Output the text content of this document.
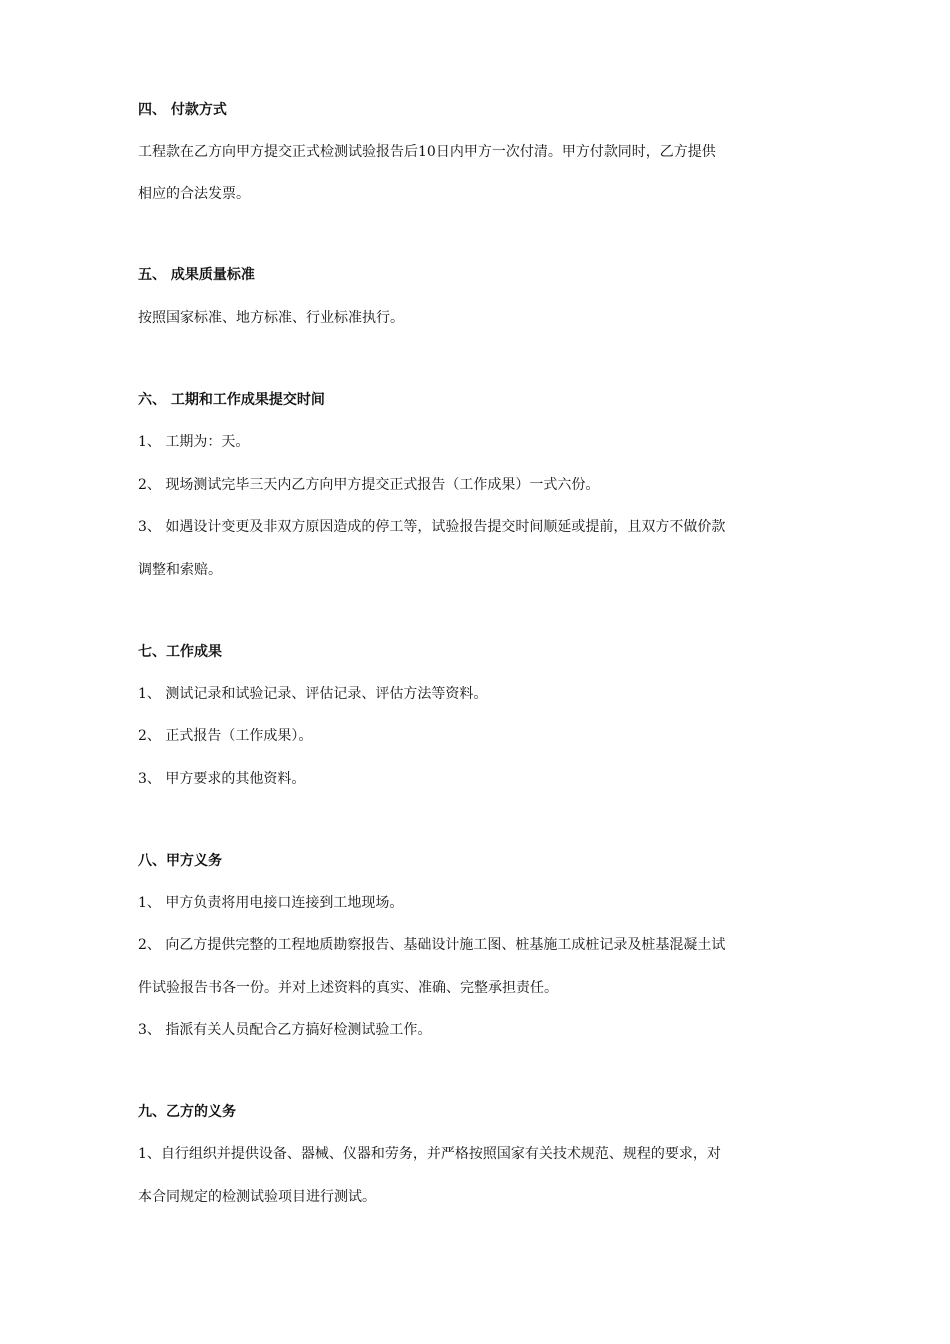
四、 付款方式
工程款在乙方向甲方提交正式检测试验报告后10日内甲方一次付清。甲方付款同时，乙方提供
相应的合法发票。
五、 成果质量标准
按照国家标准、地方标准、行业标准执行。
六、 工期和工作成果提交时间
1、 工期为：天。
2、 现场测试完毕三天内乙方向甲方提交正式报告（工作成果）一式六份。
3、 如遇设计变更及非双方原因造成的停工等，试验报告提交时间顺延或提前，且双方不做价款
调整和索赔。
七、工作成果
1、 测试记录和试验记录、评估记录、评估方法等资料。
2、 正式报告（工作成果）。
3、 甲方要求的其他资料。
八、甲方义务
1、 甲方负责将用电接口连接到工地现场。
2、 向乙方提供完整的工程地质勘察报告、基础设计施工图、桩基施工成桩记录及桩基混凝土试
件试验报告书各一份。并对上述资料的真实、准确、完整承担责任。
3、 指派有关人员配合乙方搞好检测试验工作。
九、乙方的义务
1、自行组织并提供设备、器械、仪器和劳务，并严格按照国家有关技术规范、规程的要求，对
本合同规定的检测试验项目进行测试。
